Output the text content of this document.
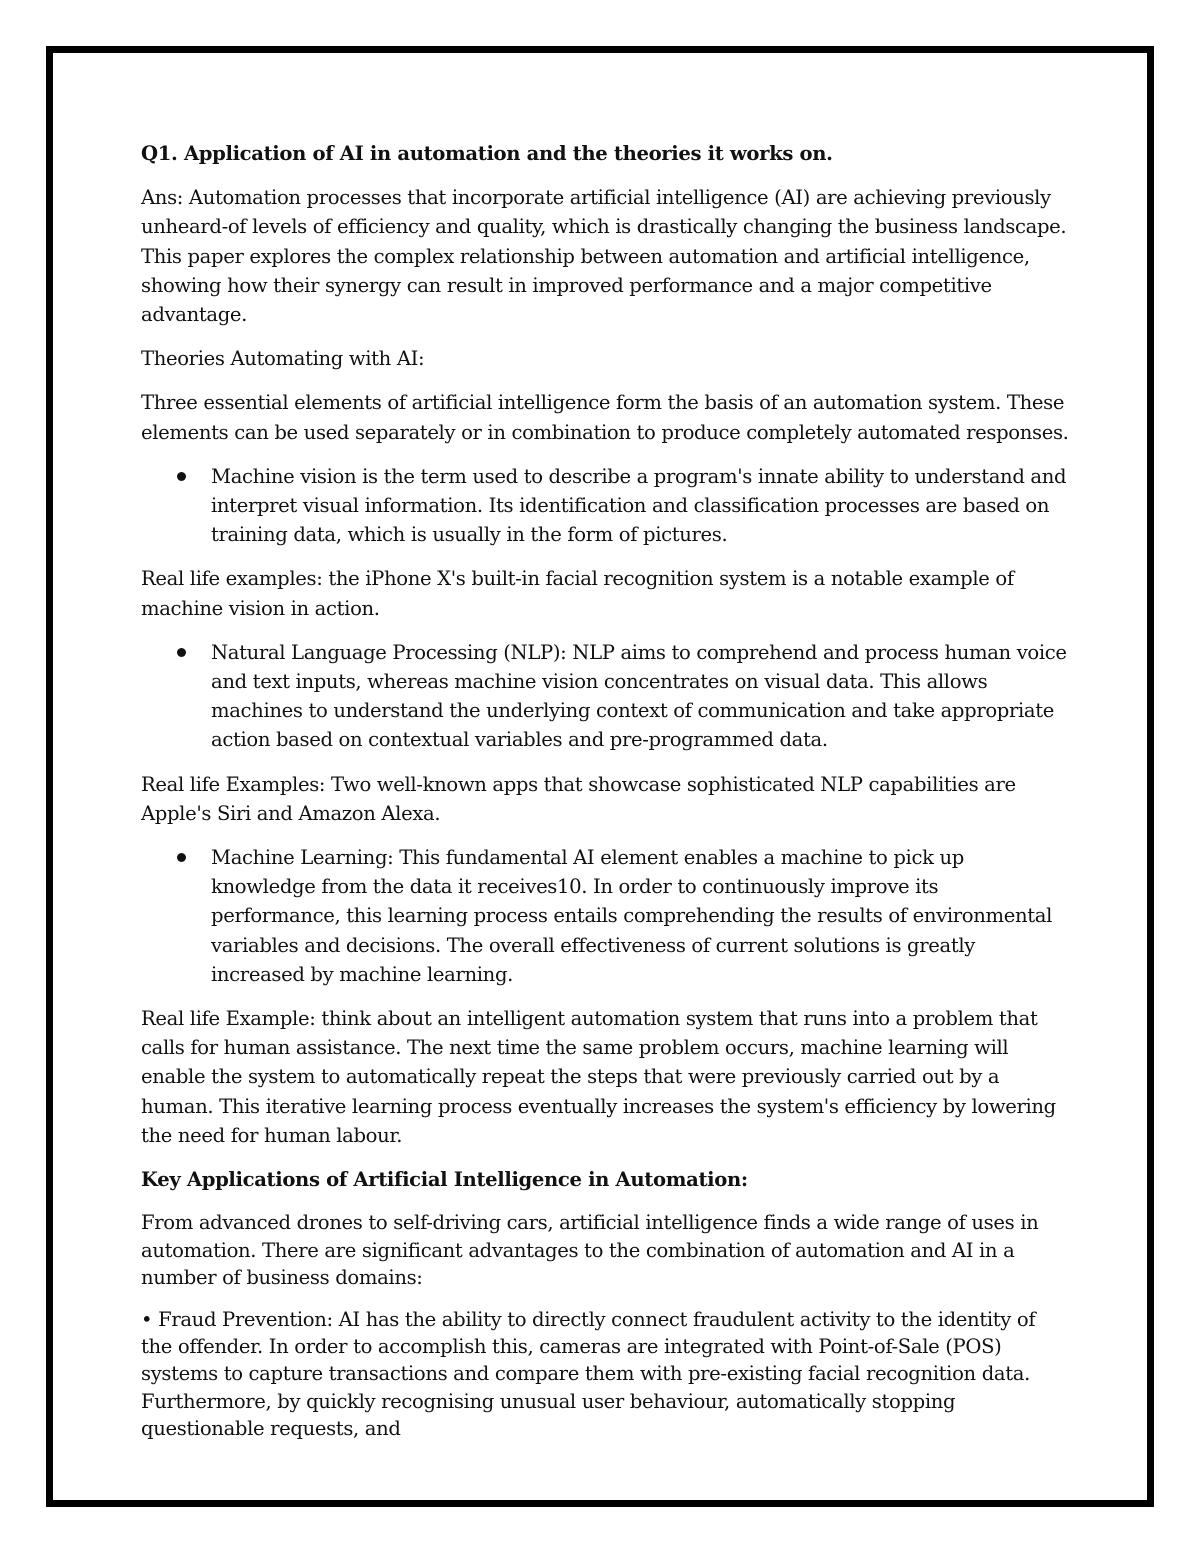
Q1. Application of AI in automation and the theories it works on.

Ans: Automation processes that incorporate artificial intelligence (AI) are achieving previously unheard-of levels of efficiency and quality, which is drastically changing the business landscape. This paper explores the complex relationship between automation and artificial intelligence, showing how their synergy can result in improved performance and a major competitive advantage.

Theories Automating with AI:

Three essential elements of artificial intelligence form the basis of an automation system. These elements can be used separately or in combination to produce completely automated responses.

Machine vision is the term used to describe a program's innate ability to understand and interpret visual information. Its identification and classification processes are based on training data, which is usually in the form of pictures.

Real life examples: the iPhone X's built-in facial recognition system is a notable example of machine vision in action.

Natural Language Processing (NLP): NLP aims to comprehend and process human voice and text inputs, whereas machine vision concentrates on visual data. This allows machines to understand the underlying context of communication and take appropriate action based on contextual variables and pre-programmed data.

Real life Examples: Two well-known apps that showcase sophisticated NLP capabilities are Apple's Siri and Amazon Alexa.

Machine Learning: This fundamental AI element enables a machine to pick up knowledge from the data it receives10. In order to continuously improve its performance, this learning process entails comprehending the results of environmental variables and decisions. The overall effectiveness of current solutions is greatly increased by machine learning.

Real life Example: think about an intelligent automation system that runs into a problem that calls for human assistance. The next time the same problem occurs, machine learning will enable the system to automatically repeat the steps that were previously carried out by a human. This iterative learning process eventually increases the system's efficiency by lowering the need for human labour.

Key Applications of Artificial Intelligence in Automation:

From advanced drones to self-driving cars, artificial intelligence finds a wide range of uses in automation. There are significant advantages to the combination of automation and AI in a number of business domains:

• Fraud Prevention: AI has the ability to directly connect fraudulent activity to the identity of the offender. In order to accomplish this, cameras are integrated with Point-of-Sale (POS) systems to capture transactions and compare them with pre-existing facial recognition data. Furthermore, by quickly recognising unusual user behaviour, automatically stopping questionable requests, and
